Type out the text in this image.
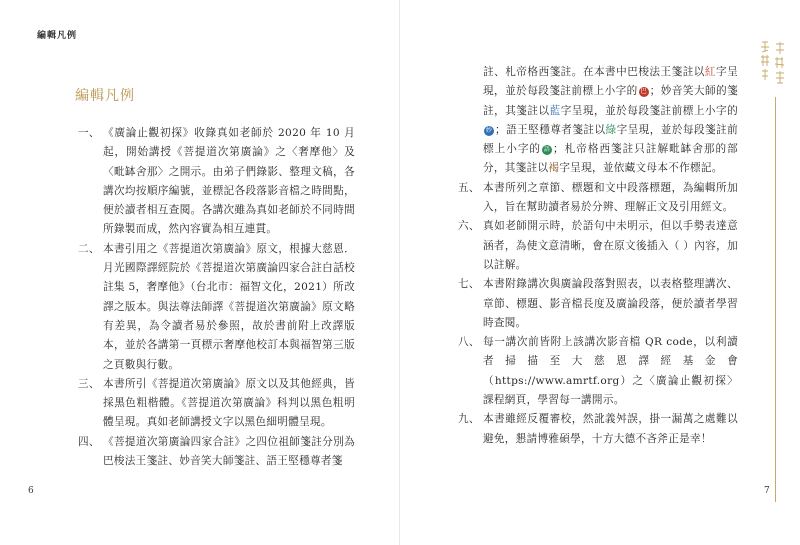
編輯凡例
編輯凡例

一、 《廣論止觀初探》收錄真如老師於 2020 年 10 月起，開始講授《菩提道次第廣論》之〈奢摩他〉及〈毗缽舍那〉之開示。由弟子們錄影、整理文稿，各講次均按順序編號，並標記各段落影音檔之時間點，便於讀者相互查閱。各講次雖為真如老師於不同時間所錄製而成，然內容實為相互連貫。

二、 本書引用之《菩提道次第廣論》原文，根據大慈恩．月光國際譯經院於《菩提道次第廣論四家合註白話校註集 5，奢摩他》（台北市：福智文化，2021）所改譯之版本。與法尊法師譯《菩提道次第廣論》原文略有差異，為令讀者易於參照，故於書前附上改譯版本，並於各講第一頁標示奢摩他校訂本與福智第三版之頁數與行數。

三、 本書所引《菩提道次第廣論》原文以及其他經典，皆採黑色粗楷體。《菩提道次第廣論》科判以黑色粗明體呈現。真如老師講授文字以黑色細明體呈現。

四、 《菩提道次第廣論四家合註》之四位祖師箋註分別為巴梭法王箋註、妙音笑大師箋註、語王堅穩尊者箋

6

註、札帝格西箋註。在本書中巴梭法王箋註以紅字呈現，並於每段箋註前標上小字的 巴 ；妙音笑大師的箋註，其箋註以藍字呈現，並於每段箋註前標上小字的妙 ；語王堅穩尊者箋註以綠字呈現，並於每段箋註前標上小字的 語 ；札帝格西箋註只註解毗缽舍那的部分，其箋註以褐字呈現，並依藏文母本不作標記。

五、 本書所列之章節、標題和文中段落標題，為編輯所加入，旨在幫助讀者易於分辨、理解正文及引用經文。

六、 真如老師開示時，於語句中未明示，但以手勢表達意涵者，為使文意清晰，會在原文後插入（ ）內容，加以註解。

七、 本書附錄講次與廣論段落對照表，以表格整理講次、章節、標題、影音檔長度及廣論段落，便於讀者學習時查閱。

八、 每一講次前皆附上該講次影音檔 QR code，以利讀者掃描至大慈恩譯經基金會（https://www.amrtf.org）之〈廣論止觀初探〉課程網頁，學習每一講開示。

九、 本書雖經反覆審校，然訛義舛誤，掛一漏萬之處難以避免，懇請博雅碩學，十方大德不吝斧正是幸！

7
